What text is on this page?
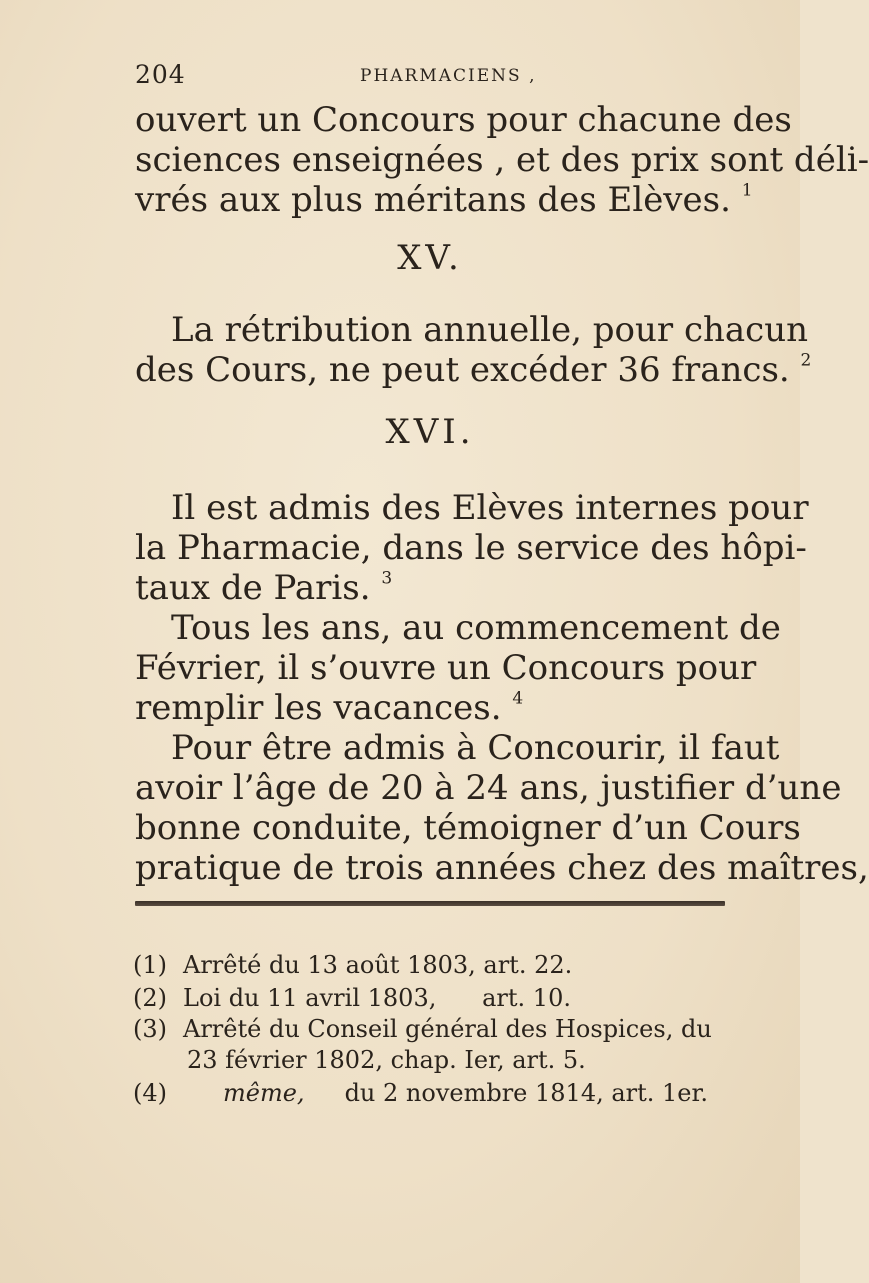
204	PHARMACIENS ,
ouvert un Concours pour chacune des
sciences enseignées , et des prix sont déli-
vrés aux plus méritans des Elèves. $^1$
XV.
La rétribution annuelle, pour chacun
des Cours, ne peut excéder 36 francs. $^2$
XVI.
Il est admis des Elèves internes pour
la Pharmacie, dans le service des hôpi-
taux de Paris. $^3$
Tous les ans, au commencement de
Février, il s’ouvre un Concours pour
remplir les vacances. $^4$
Pour être admis à Concourir, il faut
avoir l’âge de 20 à 24 ans, justifier d’une
bonne conduite, témoigner d’un Cours
pratique de trois années chez des maîtres,
(1) Arrêté du 13 août 1803, art. 22.
(2) Loi du 11 avril 1803,      art. 10.
(3) Arrêté du Conseil général des Hospices, du
23 février 1802, chap. Ier, art. 5.
(4) même, du 2 novembre 1814, art. 1er.
